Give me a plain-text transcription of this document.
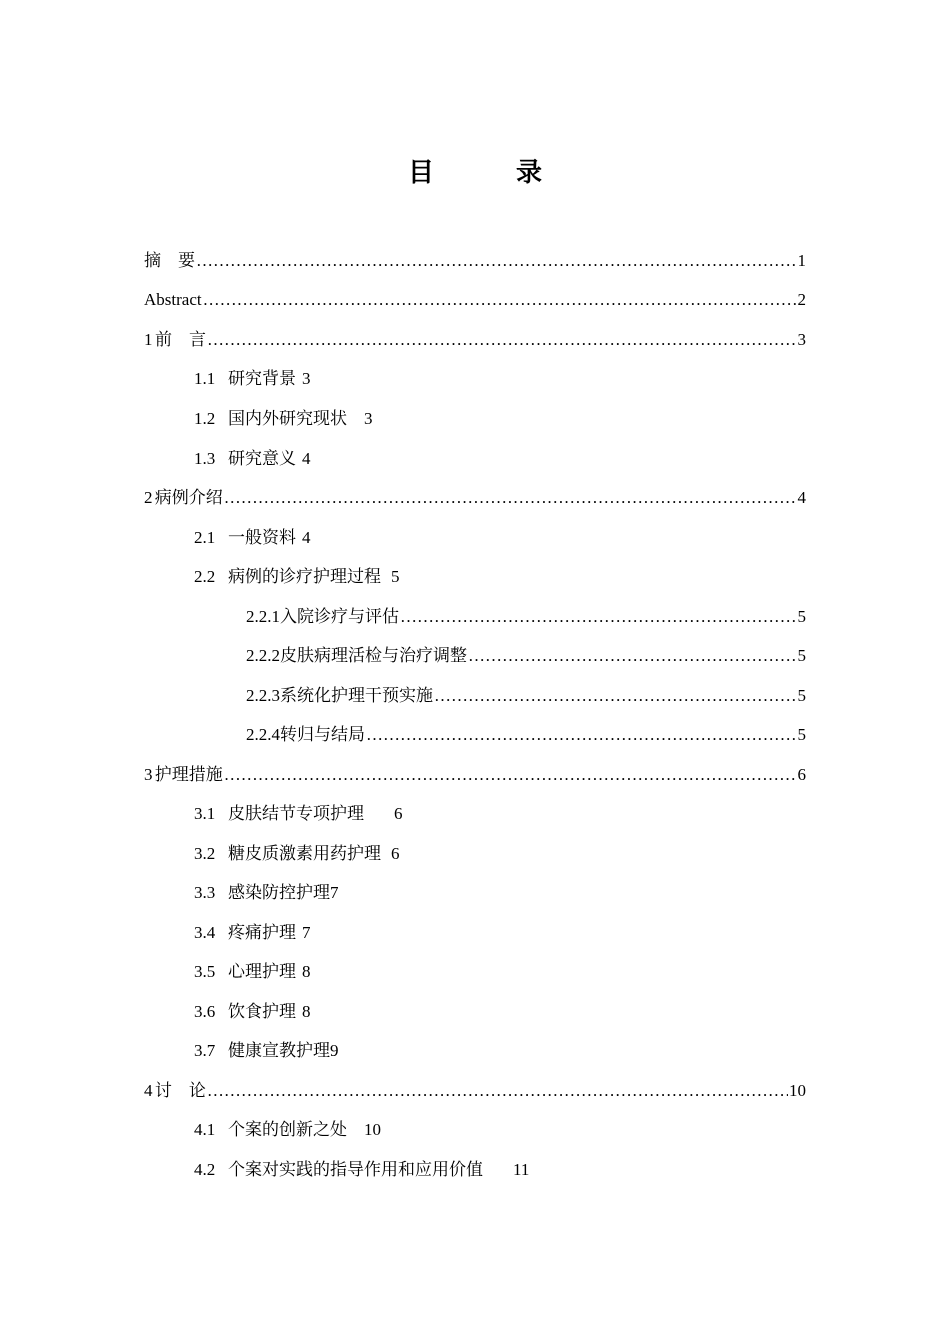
目　录
摘　要 …………………………………………………………………………………………………………………………………………………………………………………………………………………………………………………	1
Abstract …………………………………………………………………………………………………………………………………………………………………………………………………………………………………………………	2
1 前　言 …………………………………………………………………………………………………………………………………………………………………………………………………………………………………………………	3
1.1 研究背景 3
1.2 国内外研究现状 3
1.3 研究意义 4
2 病例介绍 …………………………………………………………………………………………………………………………………………………………………………………………………………………………………………………	4
2.1 一般资料 4
2.2 病例的诊疗护理过程 5
2.2.1 入院诊疗与评估 …………………………………………………………………………………………………………………………………………………………………………………………………………………………………………………	5
2.2.2 皮肤病理活检与治疗调整 …………………………………………………………………………………………………………………………………………………………………………………………………………………………………………………	5
2.2.3 系统化护理干预实施 …………………………………………………………………………………………………………………………………………………………………………………………………………………………………………………	5
2.2.4 转归与结局 …………………………………………………………………………………………………………………………………………………………………………………………………………………………………………………	5
3 护理措施 …………………………………………………………………………………………………………………………………………………………………………………………………………………………………………………	6
3.1 皮肤结节专项护理 6
3.2 糖皮质激素用药护理 6
3.3 感染防控护理7
3.4 疼痛护理 7
3.5 心理护理 8
3.6 饮食护理 8
3.7 健康宣教护理9
4 讨　论 …………………………………………………………………………………………………………………………………………………………………………………………………………………………………………………	10
4.1 个案的创新之处 10
4.2 个案对实践的指导作用和应用价值 11
